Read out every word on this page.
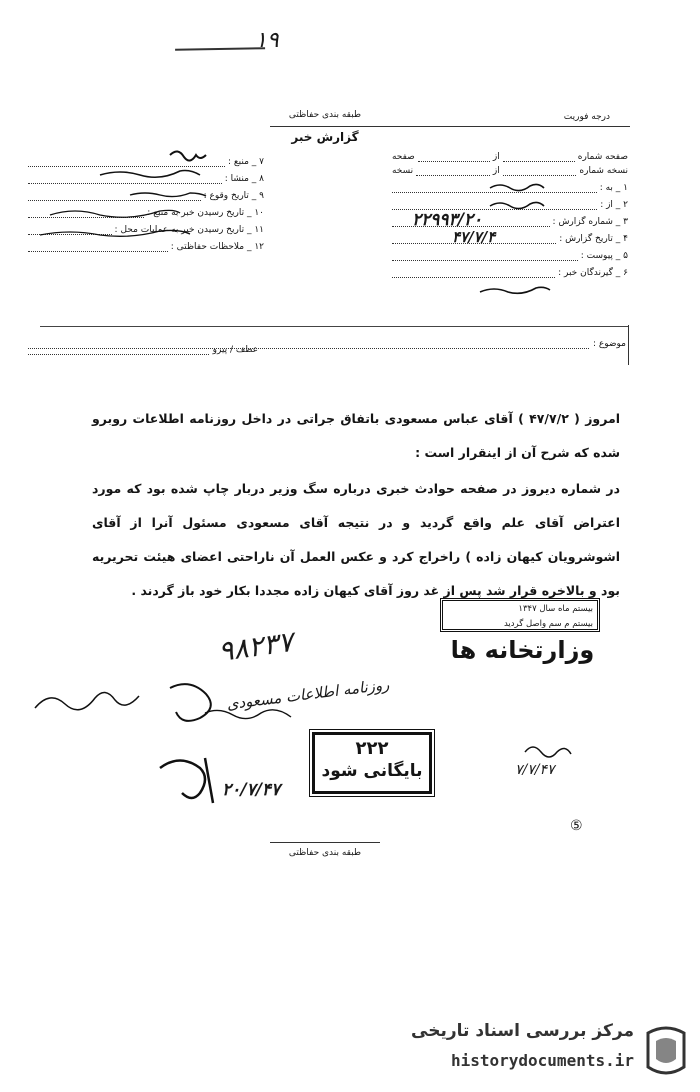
۱۹
طبقه بندی حفاظتی	درجه فوریت
گزارش خبر
۷ _ منبع :
۸ _ منشا :
۹ _ تاریخ وقوع :
۱۰ _ تاریخ رسیدن خبر به منبع :
۱۱ _ تاریخ رسیدن خبر به عملیات محل :
۱۲ _ ملاحظات حفاظتی :
صفحه شماره
از
صفحه
نسخه شماره
از
نسخه
۱ _ به :
۲ _ از :
۳ _ شماره گزارش :
۲۲۹۹۳/۲۰
۴ _ تاریخ گزارش :
۴۷/۷/۴
۵ _ پیوست :
۶ _ گیرندگان خبر :
موضوع :
عطف / پیرو

امروز ( ۴۷/۷/۲ ) آقای عباس مسعودی باتفاق‌ جراتی در داخل روزنامه اطلاعات روبرو شده که شرح آن از اینقرار است :

در شماره دیروز در صفحه حوادث خبری درباره سگ وزیر دربار چاپ شده بود که مورد اعتراض آقای علم واقع گردید و در نتیجه آقای مسعودی مسئول آنرا از آقای اشوشرویان کیهان زاده ) راخراج کرد و عکس العمل آن ناراحتی اعضای هیئت تحریریه بود و بالاخره قرار شد پس از غد روز آقای کیهان زاده مجددا بکار خود باز گردند .

بیستم ماه سال ۱۳۴۷
بیستم م سم واصل گردید
وزارتخانه ها
۹۸۲۳۷
روزنامه اطلاعات مسعودی
۲۲۲
بایگانی شود
۲۰/۷/۴۷
۷/۷/۴۷
⑤
طبقه بندی حفاظتی
مرکز بررسی اسناد تاریخی
historydocuments.ir
